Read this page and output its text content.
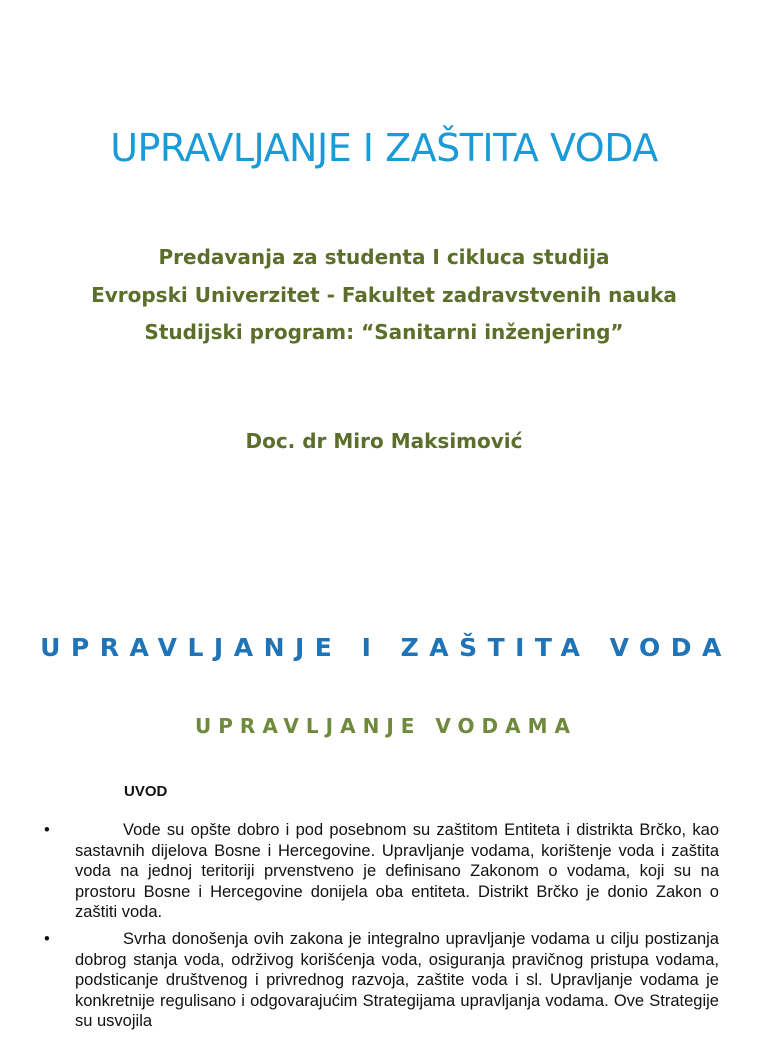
UPRAVLJANJE I ZAŠTITA VODA
Predavanja za studenta I cikluca studija
Evropski Univerzitet - Fakultet zadravstvenih nauka
Studijski program: “Sanitarni inženjering”
Doc. dr Miro Maksimović
UPRAVLJANJE I ZAŠTITA VODA
UPRAVLJANJE VODAMA
UVOD
•	Vode su opšte dobro i pod posebnom su zaštitom Entiteta i distrikta Brčko, kao sastavnih dijelova Bosne i Hercegovine. Upravljanje vodama, korištenje voda i zaštita voda na jednoj teritoriji prvenstveno je definisano Zakonom o vodama, koji su na prostoru Bosne i Hercegovine donijela oba entiteta. Distrikt Brčko je donio Zakon o zaštiti voda.

•	Svrha donošenja ovih zakona je integralno upravljanje vodama u cilju postizanja dobrog stanja voda, održivog korišćenja voda, osiguranja pravičnog pristupa vodama, podsticanje društvenog i privrednog razvoja, zaštite voda i sl. Upravljanje vodama je konkretnije regulisano i odgovarajućim Strategijama upravljanja vodama. Ove Strategije su usvojila
